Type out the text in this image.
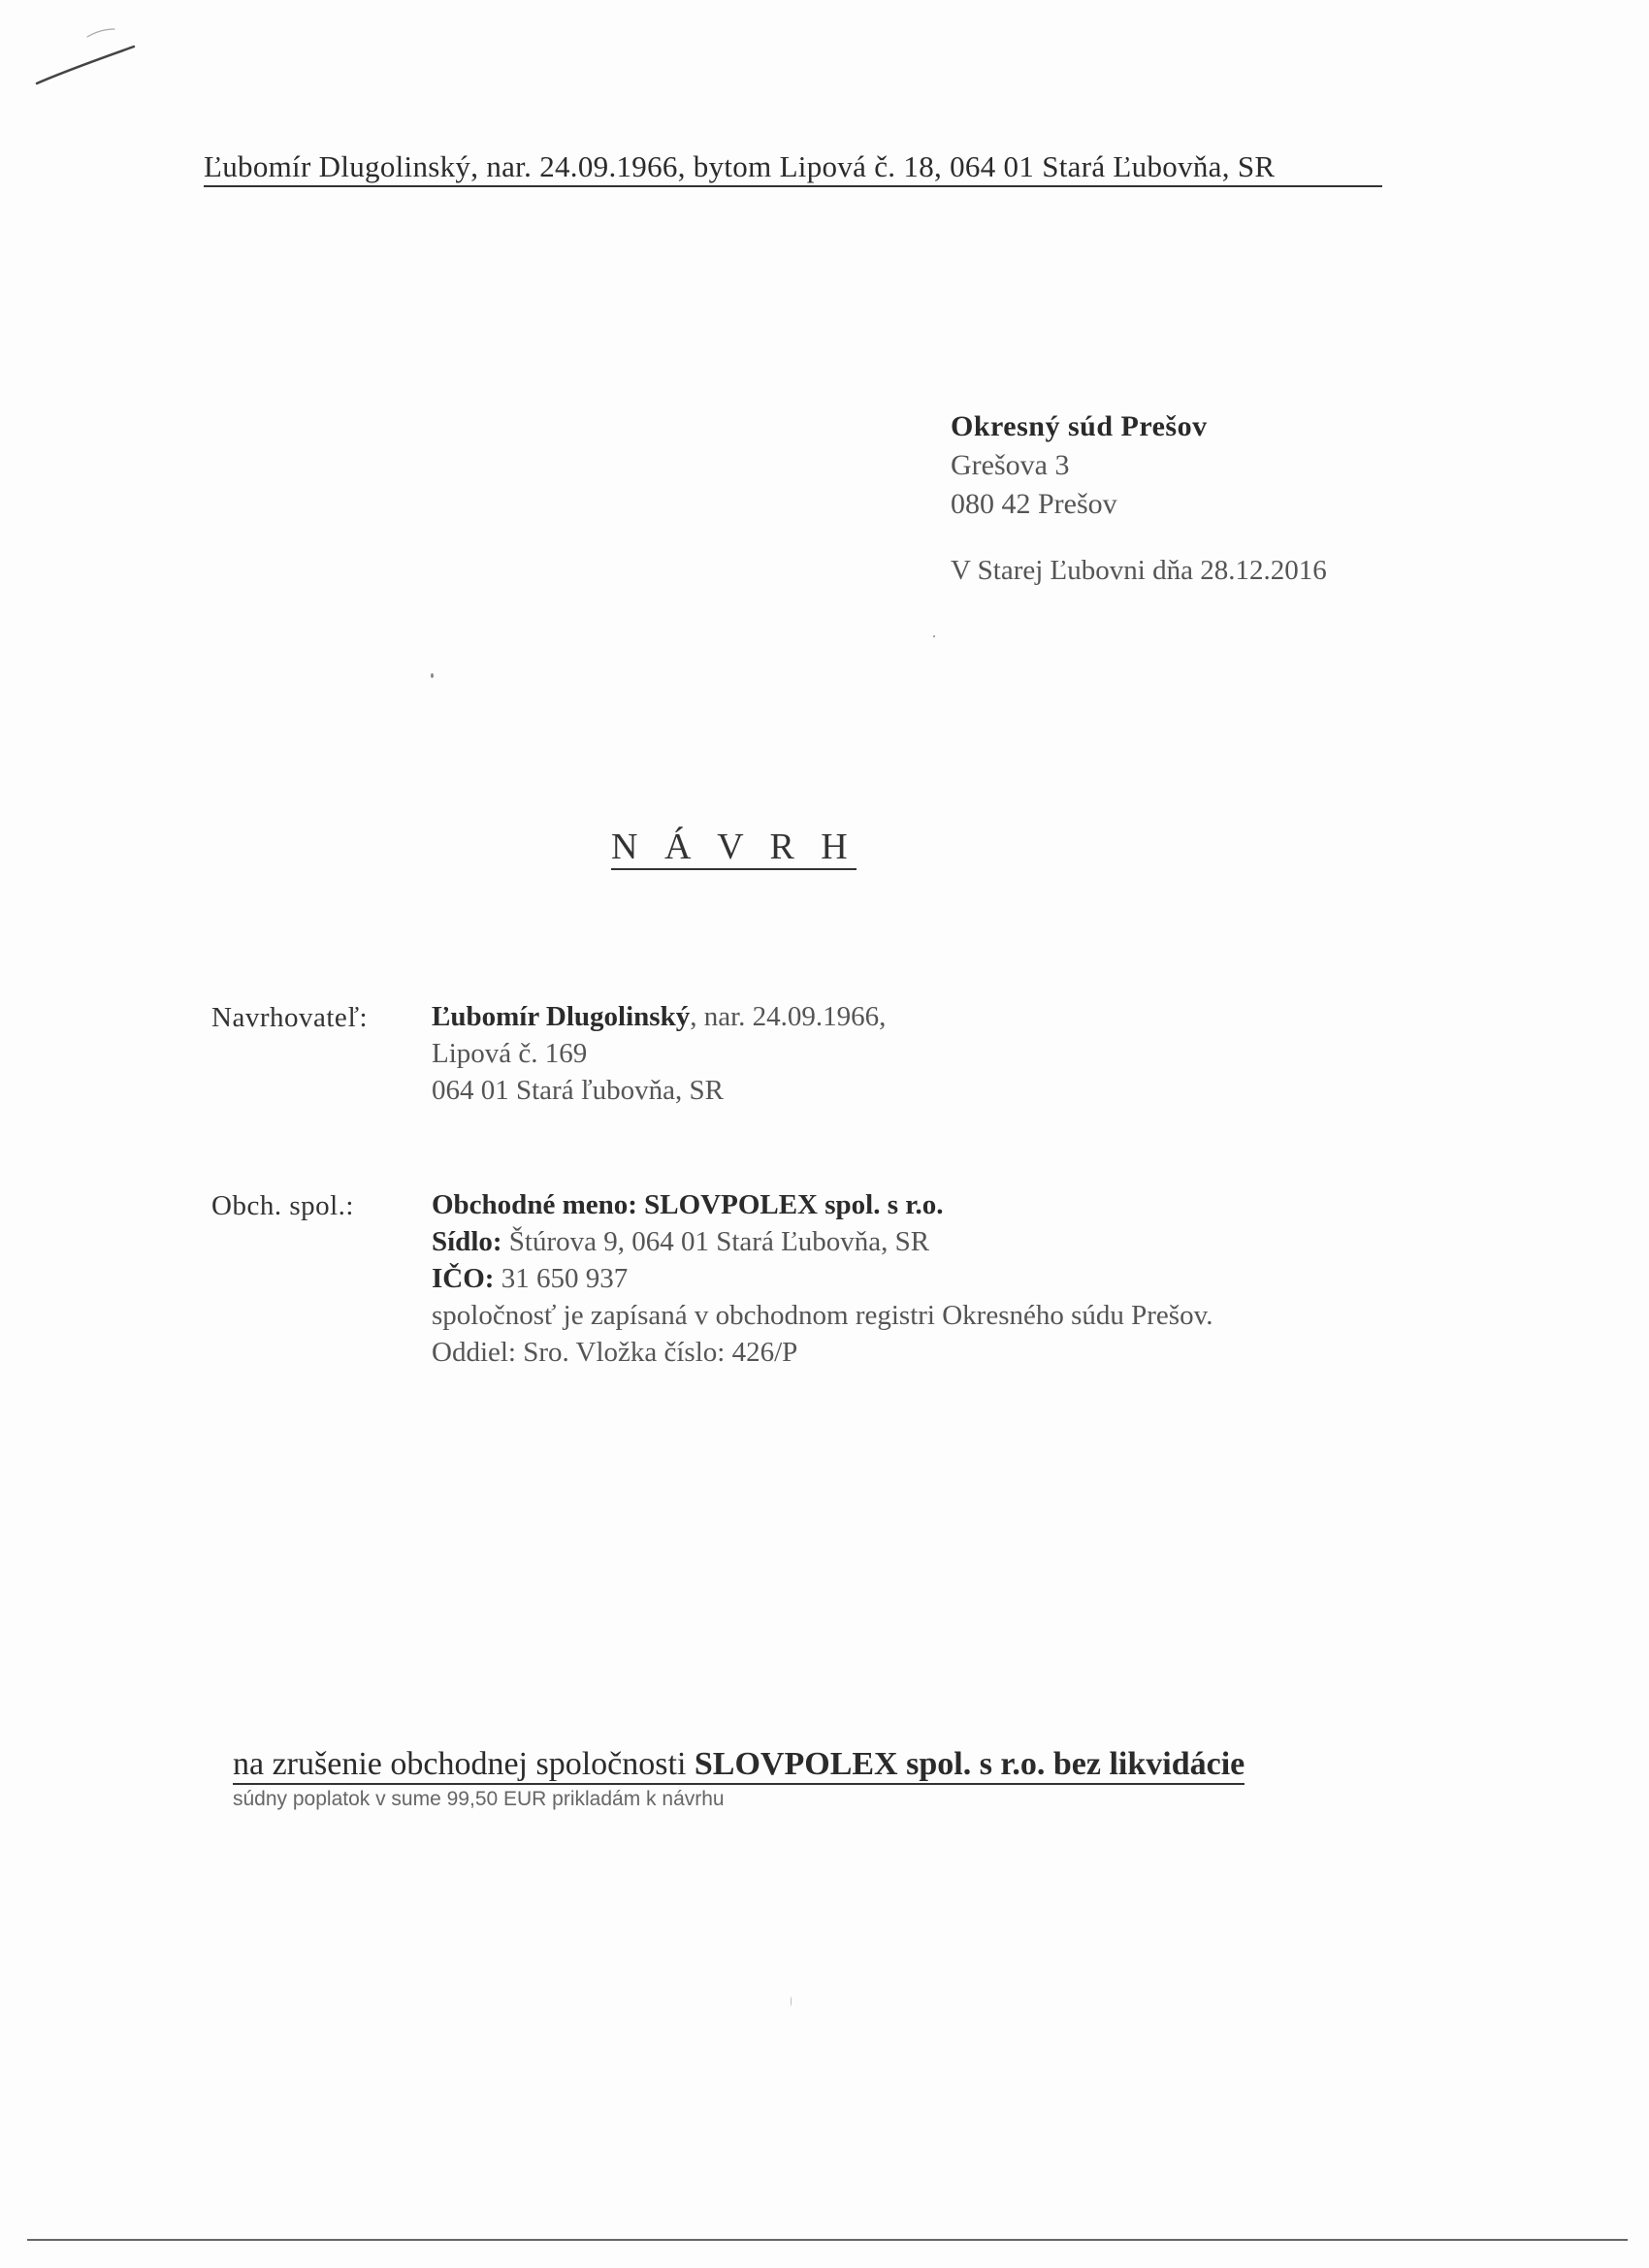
Ľubomír Dlugolinský, nar. 24.09.1966, bytom Lipová č. 18, 064 01 Stará Ľubovňa, SR
Okresný súd Prešov
Grešova 3
080 42 Prešov
V Starej Ľubovni dňa 28.12.2016
N Á V R H
Navrhovateľ: Ľubomír Dlugolinský, nar. 24.09.1966,
Lipová č. 169
064 01 Stará ľubovňa, SR
Obch. spol.:	Obchodné meno: SLOVPOLEX spol. s r.o.
Sídlo: Štúrova 9, 064 01 Stará Ľubovňa, SR
IČO: 31 650 937
spoločnosť je zapísaná v obchodnom registri Okresného súdu Prešov.
Oddiel: Sro. Vložka číslo: 426/P
na zrušenie obchodnej spoločnosti SLOVPOLEX spol. s r.o. bez likvidácie
súdny poplatok v sume 99,50 EUR prikladám k návrhu
